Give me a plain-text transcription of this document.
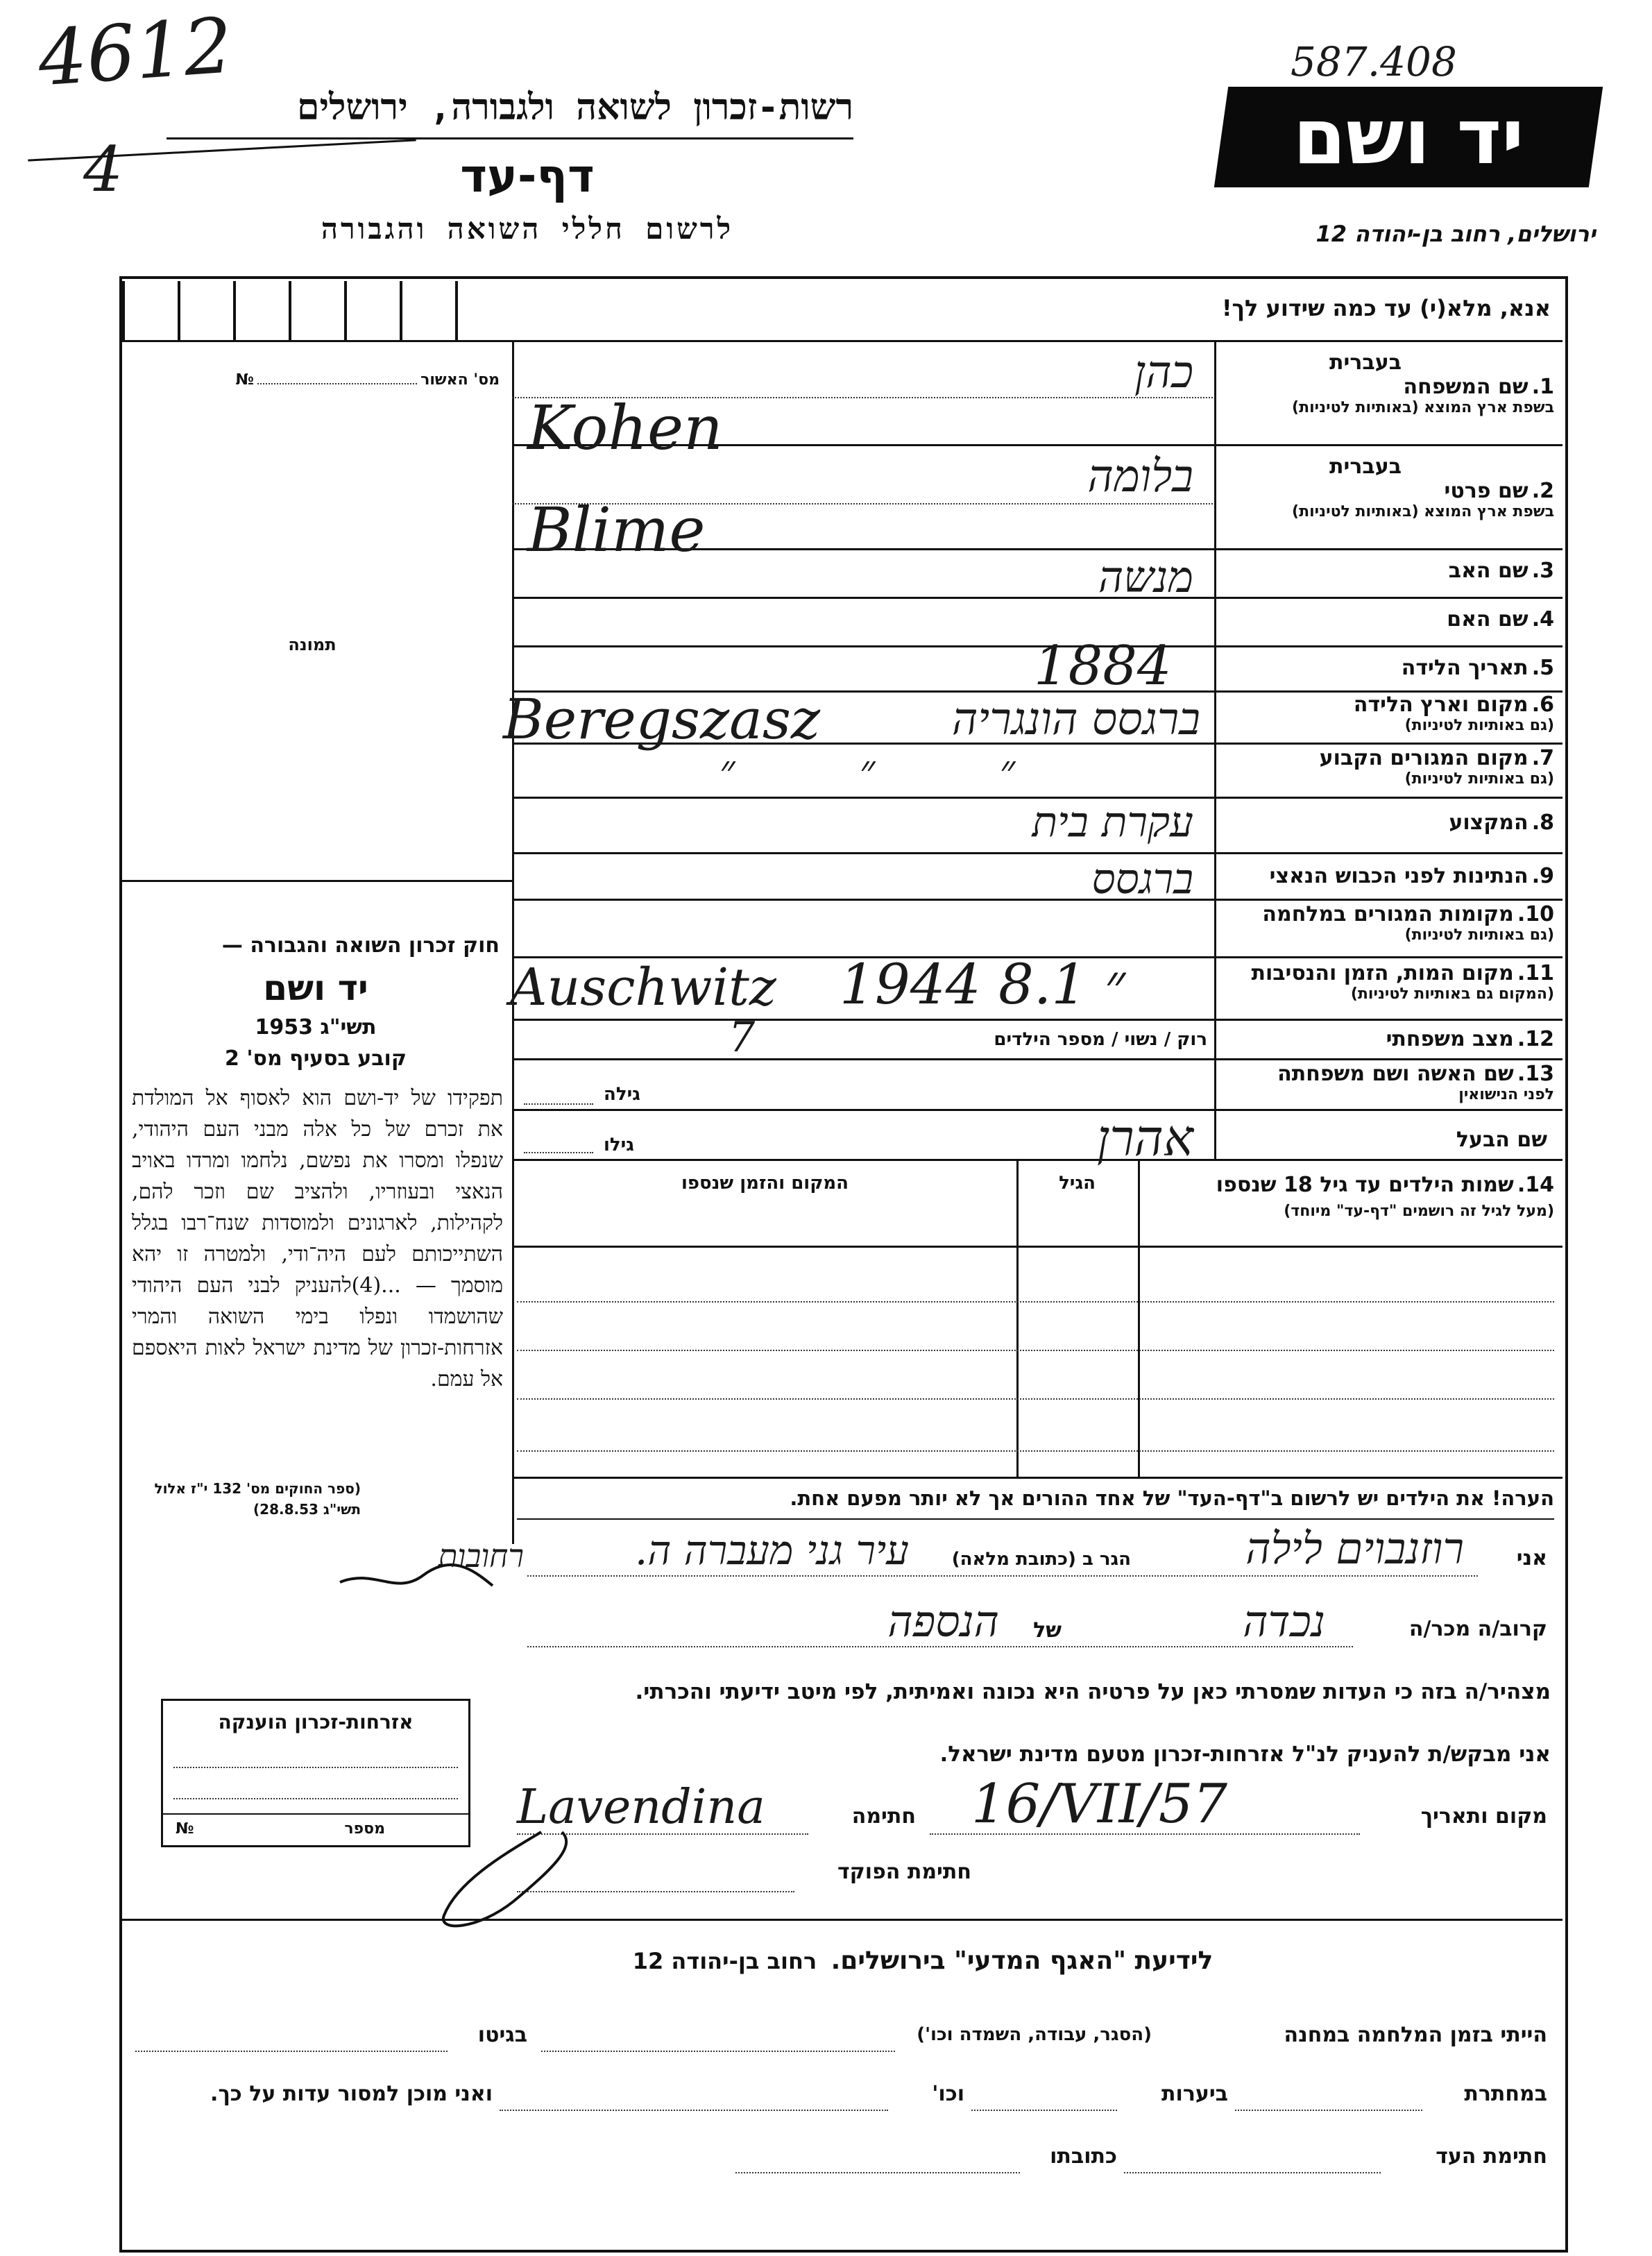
4612
4
587.408
רשות-זכרון לשואה ולגבורה, ירושלים
דף-עד
לרשום חללי השואה והגבורה
יד ושם
ירושלים, רחוב בן-יהודה 12
אנא, מלא(י) עד כמה שידוע לך!
מס' האשור  №
תמונה
חוק זכרון השואה והגבורה —
יד ושם
תשי"ג 1953
קובע בסעיף מס' 2
תפקידו של יד-ושם הוא לאסוף אל המולדת את זכרם של כל אלה מבני העם היהודי, שנפלו ומסרו את נפשם, נלחמו ומרדו באויב הנאצי ובעוזריו, ולהציב שם וזכר להם, לקהילות, לארגונים ולמוסדות שנח־רבו בגלל השתייכותם לעם היה־ודי, ולמטרה זו יהא מוסמך — ...(4)להעניק לבני העם היהודי שהושמדו ונפלו בימי השואה והמרי אזרחות-זכרון של מדינת ישראל לאות היאספם אל עמם.
(ספר החוקים מס' 132 י"ז אלול תשי"ג 28.8.53)
אזרחות-זכרון הוענקה
מספר
№
בעברית
1. שם המשפחה
בשפת ארץ המוצא (באותיות לטיניות)
כהן
Kohen
בעברית
2. שם פרטי
בשפת ארץ המוצא (באותיות לטיניות)
בלומה
Blime
3. שם האב
מנשה
4. שם האם
5. תאריך הלידה
1884
6. מקום וארץ הלידה
(גם באותיות לטיניות)
Beregszasz	ברגסס הונגריה
7. מקום המגורים הקבוע
(גם באותיות לטיניות)
״ ״ ״
8. המקצוע
עקרת בית
9. הנתינות לפני הכבוש הנאצי
ברגסס
10. מקומות המגורים במלחמה
(גם באותיות לטיניות)
11. מקום המות, הזמן והנסיבות
(המקום גם באותיות לטיניות)
Auschwitz 1944 8.1 ״
12. מצב משפחתי
רוק / נשוי / מספר הילדים
7
13. שם האשה ושם משפחתה
לפני הנישואין
גילה
שם הבעל
אהרן
גילו
14. שמות הילדים עד גיל 18 שנספו
(מעל לגיל זה רושמים "דף-עד" מיוחד)
הגיל
המקום והזמן שנספו
הערה! את הילדים יש לרשום ב"דף-העד" של אחד ההורים אך לא יותר מפעם אחת.
אני
רוזנבוים לילה
הגר ב (כתובת מלאה)
עיר גני מעברה ה.
רחובות
קרוב/ה מכר/ה
נכדה
של
הנספה
מצהיר/ה בזה כי העדות שמסרתי כאן על פרטיה היא נכונה ואמיתית, לפי מיטב ידיעתי והכרתי.
אני מבקש/ת להעניק לנ"ל אזרחות-זכרון מטעם מדינת ישראל.
מקום ותאריך
16/VII/57
חתימה
Lavendina
חתימת הפוקד
לידיעת "האגף המדעי" בירושלים.    רחוב בן-יהודה 12
הייתי בזמן המלחמה במחנה
(הסגר, עבודה, השמדה וכו')
בגיטו
במחתרת
ביערות
וכו'
ואני מוכן למסור עדות על כך.
חתימת העד
כתובתו
